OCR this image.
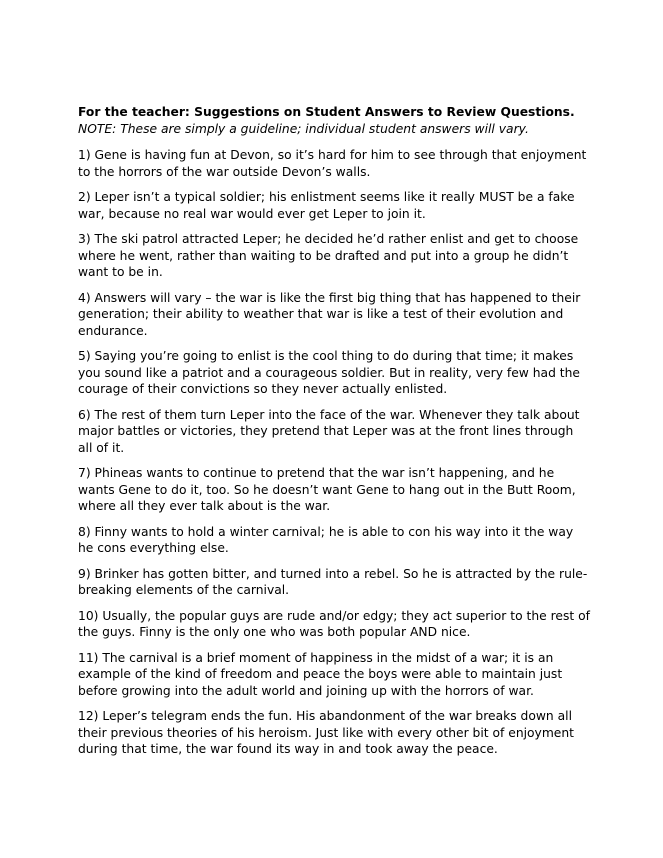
For the teacher: Suggestions on Student Answers to Review Questions.

NOTE: These are simply a guideline; individual student answers will vary.

1) Gene is having fun at Devon, so it’s hard for him to see through that enjoyment to the horrors of the war outside Devon’s walls.

2) Leper isn’t a typical soldier; his enlistment seems like it really MUST be a fake war, because no real war would ever get Leper to join it.

3) The ski patrol attracted Leper; he decided he’d rather enlist and get to choose where he went, rather than waiting to be drafted and put into a group he didn’t want to be in.

4) Answers will vary – the war is like the first big thing that has happened to their generation; their ability to weather that war is like a test of their evolution and endurance.

5) Saying you’re going to enlist is the cool thing to do during that time; it makes you sound like a patriot and a courageous soldier. But in reality, very few had the courage of their convictions so they never actually enlisted.

6) The rest of them turn Leper into the face of the war. Whenever they talk about major battles or victories, they pretend that Leper was at the front lines through all of it.

7) Phineas wants to continue to pretend that the war isn’t happening, and he wants Gene to do it, too. So he doesn’t want Gene to hang out in the Butt Room, where all they ever talk about is the war.

8) Finny wants to hold a winter carnival; he is able to con his way into it the way he cons everything else.

9) Brinker has gotten bitter, and turned into a rebel. So he is attracted by the rule-breaking elements of the carnival.

10) Usually, the popular guys are rude and/or edgy; they act superior to the rest of the guys. Finny is the only one who was both popular AND nice.

11) The carnival is a brief moment of happiness in the midst of a war; it is an example of the kind of freedom and peace the boys were able to maintain just before growing into the adult world and joining up with the horrors of war.

12) Leper’s telegram ends the fun. His abandonment of the war breaks down all their previous theories of his heroism. Just like with every other bit of enjoyment during that time, the war found its way in and took away the peace.
